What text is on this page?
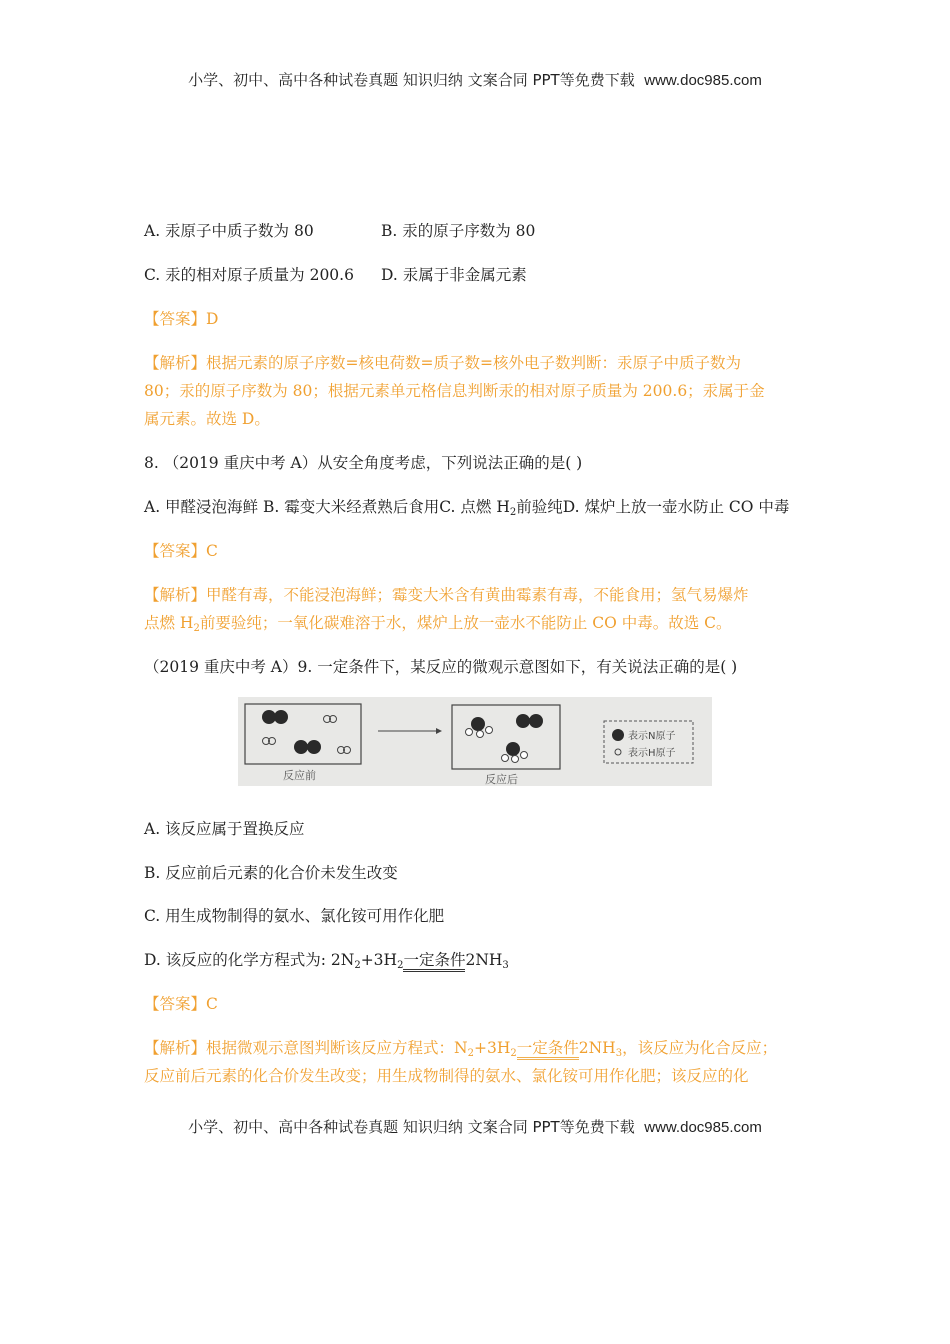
小学、初中、高中各种试卷真题 知识归纳 文案合同 PPT等免费下载 www.doc985.com
A. 汞原子中质子数为 80	B. 汞的原子序数为 80
C. 汞的相对原子质量为 200.6 D. 汞属于非金属元素
【答案】D
【解析】根据元素的原子序数=核电荷数=质子数=核外电子数判断：汞原子中质子数为
80；汞的原子序数为 80；根据元素单元格信息判断汞的相对原子质量为 200.6；汞属于金
属元素。故选 D。
8. （2019 重庆中考 A）从安全角度考虑，下列说法正确的是( )
A. 甲醛浸泡海鲜 B. 霉变大米经煮熟后食用C. 点燃 $H_2$前验纯D. 煤炉上放一壶水防止 CO 中毒
【答案】C
【解析】甲醛有毒，不能浸泡海鲜；霉变大米含有黄曲霉素有毒，不能食用；氢气易爆炸
点燃 $H_2$前要验纯；一氧化碳难溶于水，煤炉上放一壶水不能防止 CO 中毒。故选 C。
（2019 重庆中考 A）9. 一定条件下，某反应的微观示意图如下，有关说法正确的是( )
反应前	反应后
表示N原子
表示H原子
A. 该反应属于置换反应
B. 反应前后元素的化合价未发生改变
C. 用生成物制得的氨水、氯化铵可用作化肥
D. 该反应的化学方程式为: $2N_2+3H_2$一定条件$2NH_3$
【答案】C
【解析】根据微观示意图判断该反应方程式：$N_2+3H_2$一定条件$2NH_3$，该反应为化合反应；
反应前后元素的化合价发生改变；用生成物制得的氨水、氯化铵可用作化肥；该反应的化
小学、初中、高中各种试卷真题 知识归纳 文案合同 PPT等免费下载 www.doc985.com
